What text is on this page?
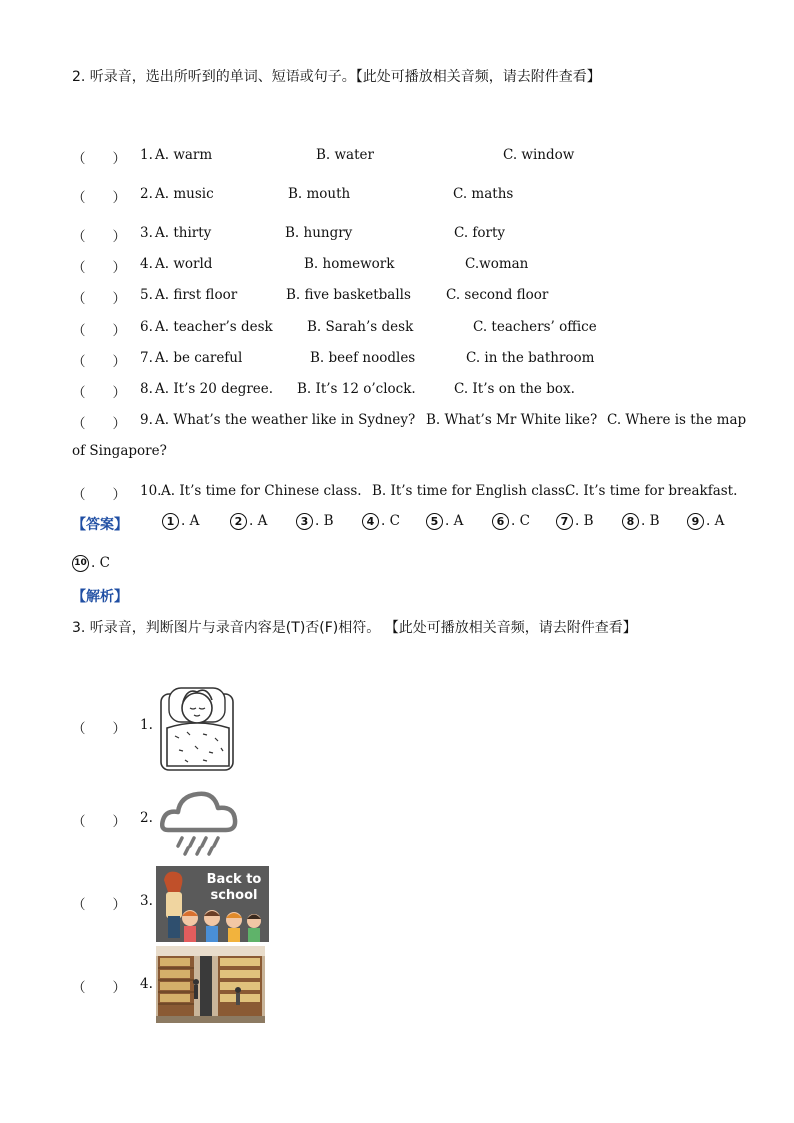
2. 听录音，选出所听到的单词、短语或句子。【此处可播放相关音频，请去附件查看】
（　　） 1. A. warm	B. water	C. window
（　　） 2. A. music	B. mouth	C. maths
（　　） 3. A. thirty	B. hungry	C. forty
（　　） 4. A. world	B. homework	C.woman
（　　） 5. A. first floor	B. five basketballs	C. second floor
（　　） 6. A. teacher’s desk	B. Sarah’s desk	C. teachers’ office
（　　） 7. A. be careful	B. beef noodles	C. in the bathroom
（　　） 8. A. It’s 20 degree. B. It’s 12 o’clock.	C. It’s on the box.
（　　） 9. A. What’s the weather like in Sydney? B. What’s Mr White like? C. Where is the map
of Singapore?
（　　） 10. A. It’s time for Chinese class. B. It’s time for English class.
C. It’s time for breakfast.
【答案】	1 . A	2 . A	3 . B	4 . C	5 . A	6 . C	7 . B	8 . B	9 . A
10 . C
【解析】
3. 听录音，判断图片与录音内容是(T)否(F)相符。 【此处可播放相关音频，请去附件查看】
（　　） 1.
（　　） 2.
（　　） 3.
Back to
school
（　　） 4.
